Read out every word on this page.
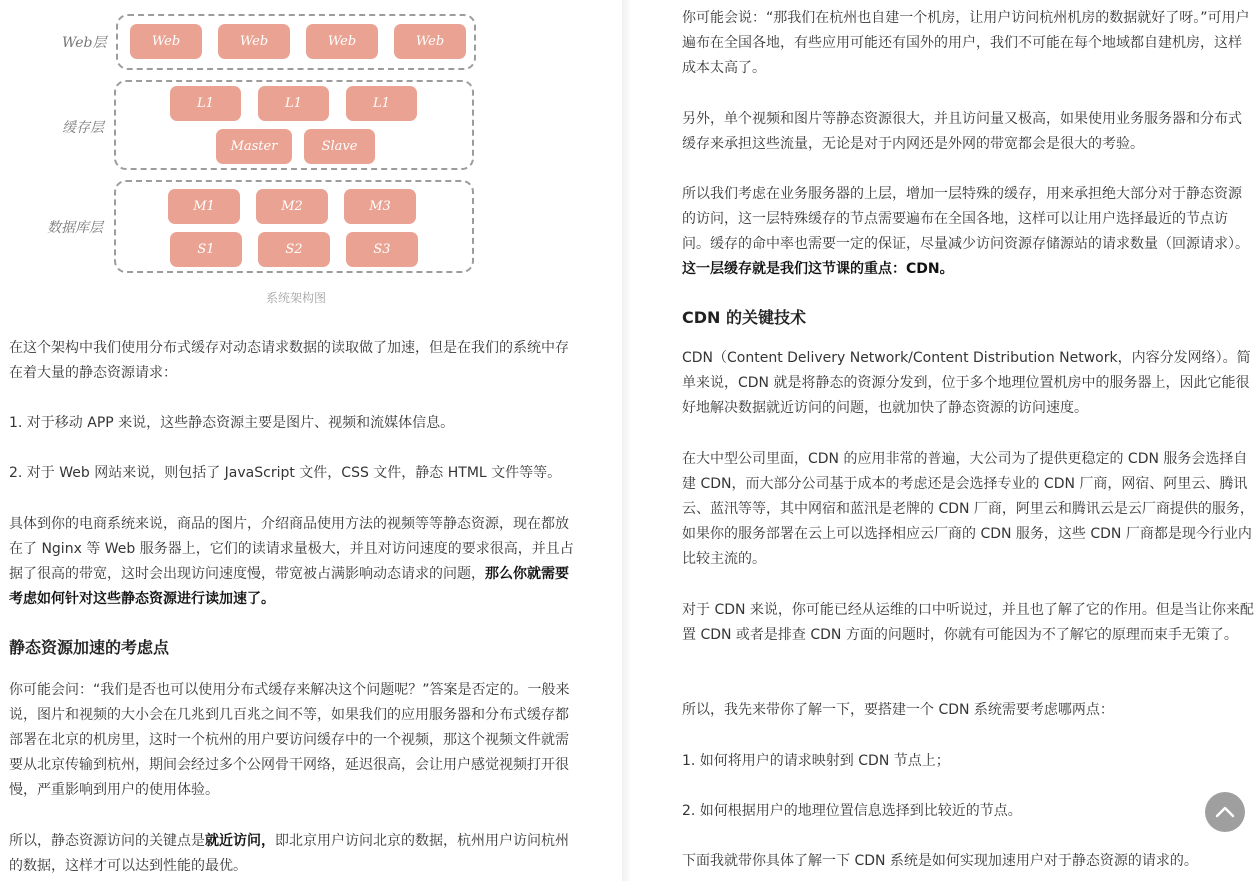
Web层
缓存层
数据库层
Web	Web	Web	Web
L1	L1	L1
Master	Slave
M1	M2	M3
S1	S2	S3
系统架构图

在这个架构中我们使用分布式缓存对动态请求数据的读取做了加速，但是在我们的系统中存在着大量的静态资源请求：

1. 对于移动 APP 来说，这些静态资源主要是图片、视频和流媒体信息。

2. 对于 Web 网站来说，则包括了 JavaScript 文件，CSS 文件，静态 HTML 文件等等。

具体到你的电商系统来说，商品的图片，介绍商品使用方法的视频等等静态资源，现在都放在了 Nginx 等 Web 服务器上，它们的读请求量极大，并且对访问速度的要求很高，并且占据了很高的带宽，这时会出现访问速度慢，带宽被占满影响动态请求的问题，那么你就需要考虑如何针对这些静态资源进行读加速了。

静态资源加速的考虑点

你可能会问：“我们是否也可以使用分布式缓存来解决这个问题呢？”答案是否定的。一般来说，图片和视频的大小会在几兆到几百兆之间不等，如果我们的应用服务器和分布式缓存都部署在北京的机房里，这时一个杭州的用户要访问缓存中的一个视频，那这个视频文件就需要从北京传输到杭州，期间会经过多个公网骨干网络，延迟很高，会让用户感觉视频打开很慢，严重影响到用户的使用体验。

所以，静态资源访问的关键点是就近访问，即北京用户访问北京的数据，杭州用户访问杭州的数据，这样才可以达到性能的最优。

你可能会说：“那我们在杭州也自建一个机房，让用户访问杭州机房的数据就好了呀。”可用户遍布在全国各地，有些应用可能还有国外的用户，我们不可能在每个地域都自建机房，这样成本太高了。

另外，单个视频和图片等静态资源很大，并且访问量又极高，如果使用业务服务器和分布式缓存来承担这些流量，无论是对于内网还是外网的带宽都会是很大的考验。

所以我们考虑在业务服务器的上层，增加一层特殊的缓存，用来承担绝大部分对于静态资源的访问，这一层特殊缓存的节点需要遍布在全国各地，这样可以让用户选择最近的节点访问。缓存的命中率也需要一定的保证，尽量减少访问资源存储源站的请求数量（回源请求）。这一层缓存就是我们这节课的重点：CDN。

CDN 的关键技术

CDN（Content Delivery Network/Content Distribution Network，内容分发网络）。简单来说，CDN 就是将静态的资源分发到，位于多个地理位置机房中的服务器上，因此它能很好地解决数据就近访问的问题，也就加快了静态资源的访问速度。

在大中型公司里面，CDN 的应用非常的普遍，大公司为了提供更稳定的 CDN 服务会选择自建 CDN，而大部分公司基于成本的考虑还是会选择专业的 CDN 厂商，网宿、阿里云、腾讯云、蓝汛等等，其中网宿和蓝汛是老牌的 CDN 厂商，阿里云和腾讯云是云厂商提供的服务，如果你的服务部署在云上可以选择相应云厂商的 CDN 服务，这些 CDN 厂商都是现今行业内比较主流的。

对于 CDN 来说，你可能已经从运维的口中听说过，并且也了解了它的作用。但是当让你来配置 CDN 或者是排查 CDN 方面的问题时，你就有可能因为不了解它的原理而束手无策了。

所以，我先来带你了解一下，要搭建一个 CDN 系统需要考虑哪两点：

1. 如何将用户的请求映射到 CDN 节点上；

2. 如何根据用户的地理位置信息选择到比较近的节点。

下面我就带你具体了解一下 CDN 系统是如何实现加速用户对于静态资源的请求的。
